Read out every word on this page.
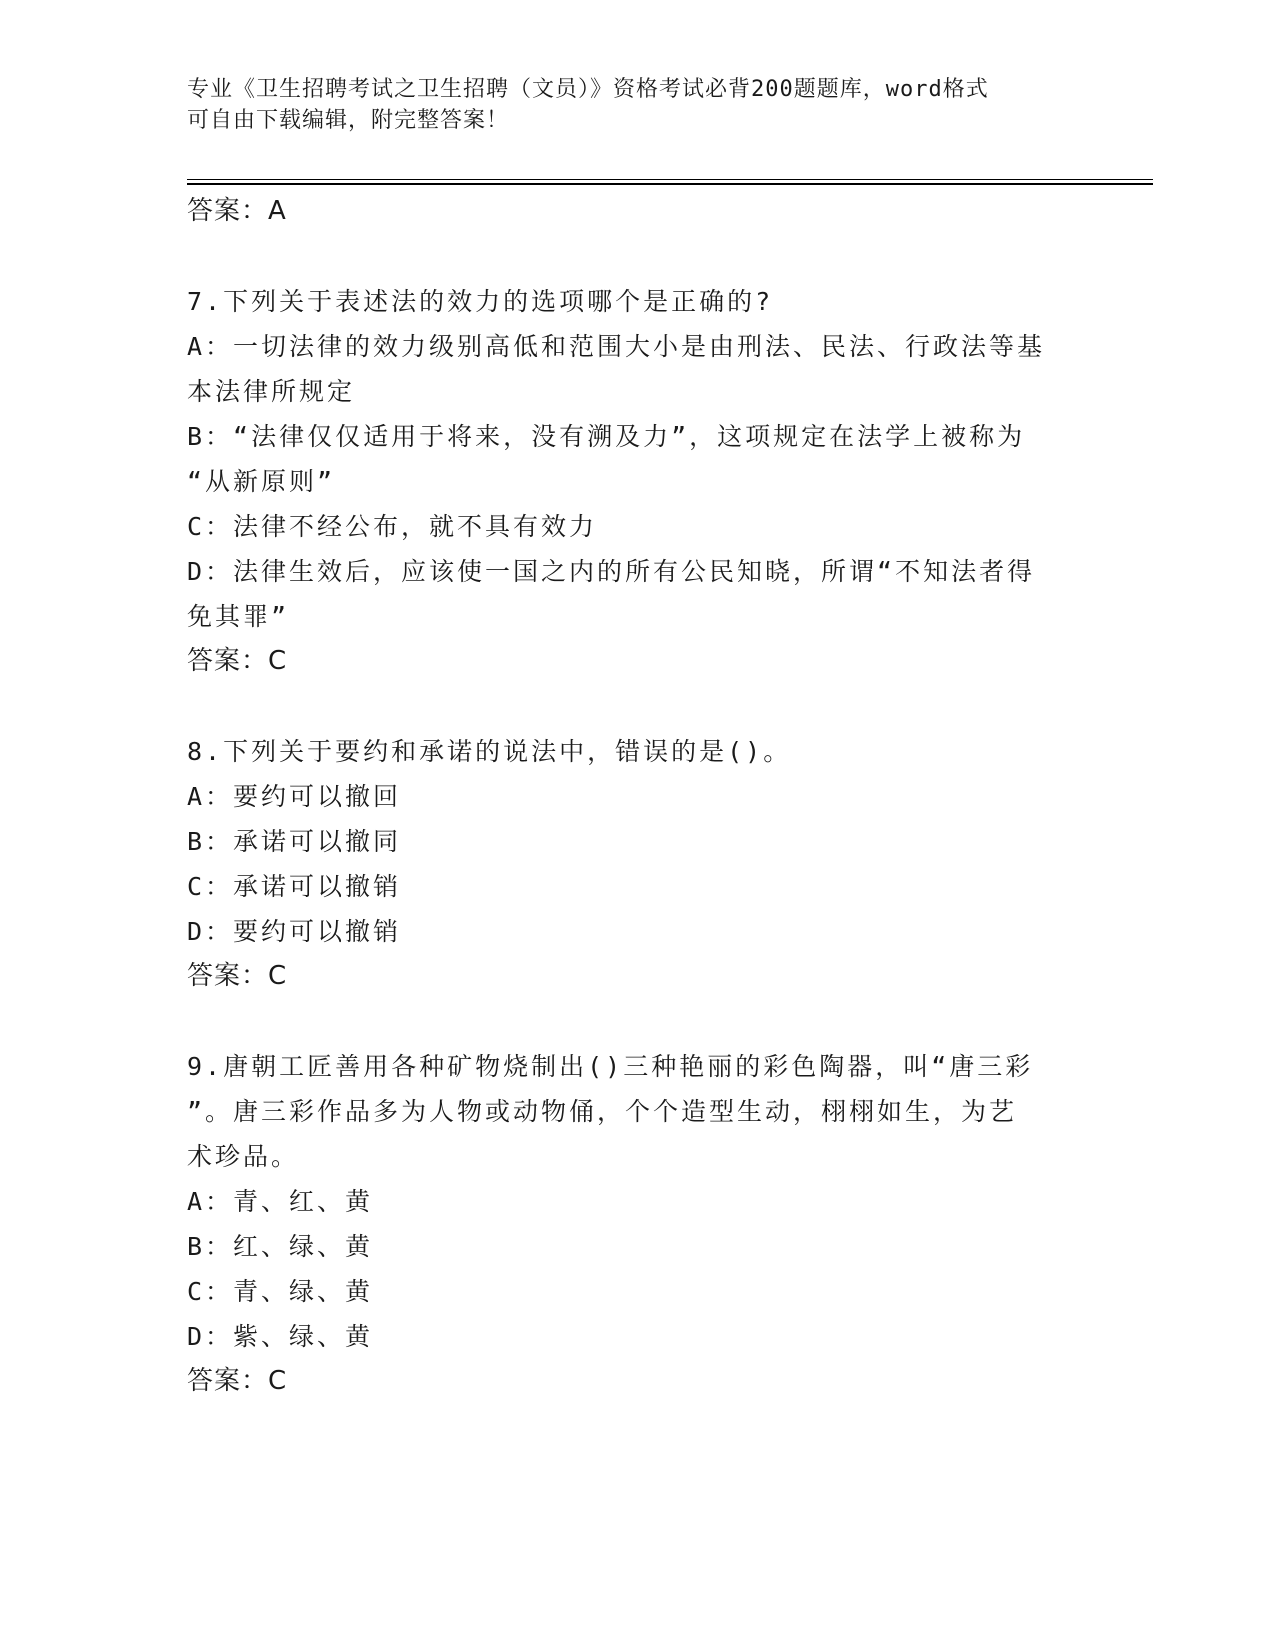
专业《卫生招聘考试之卫生招聘（文员）》资格考试必背200题题库，word格式
可自由下载编辑，附完整答案！
答案：A
7.下列关于表述法的效力的选项哪个是正确的?
A：一切法律的效力级别高低和范围大小是由刑法、民法、行政法等基
本法律所规定
B：“法律仅仅适用于将来，没有溯及力”，这项规定在法学上被称为
“从新原则”
C：法律不经公布，就不具有效力
D：法律生效后，应该使一国之内的所有公民知晓，所谓“不知法者得
免其罪”
答案：C
8.下列关于要约和承诺的说法中，错误的是()。
A：要约可以撤回
B：承诺可以撤同
C：承诺可以撤销
D：要约可以撤销
答案：C
9.唐朝工匠善用各种矿物烧制出()三种艳丽的彩色陶器，叫“唐三彩
”。唐三彩作品多为人物或动物俑，个个造型生动，栩栩如生，为艺
术珍品。
A：青、红、黄
B：红、绿、黄
C：青、绿、黄
D：紫、绿、黄
答案：C
